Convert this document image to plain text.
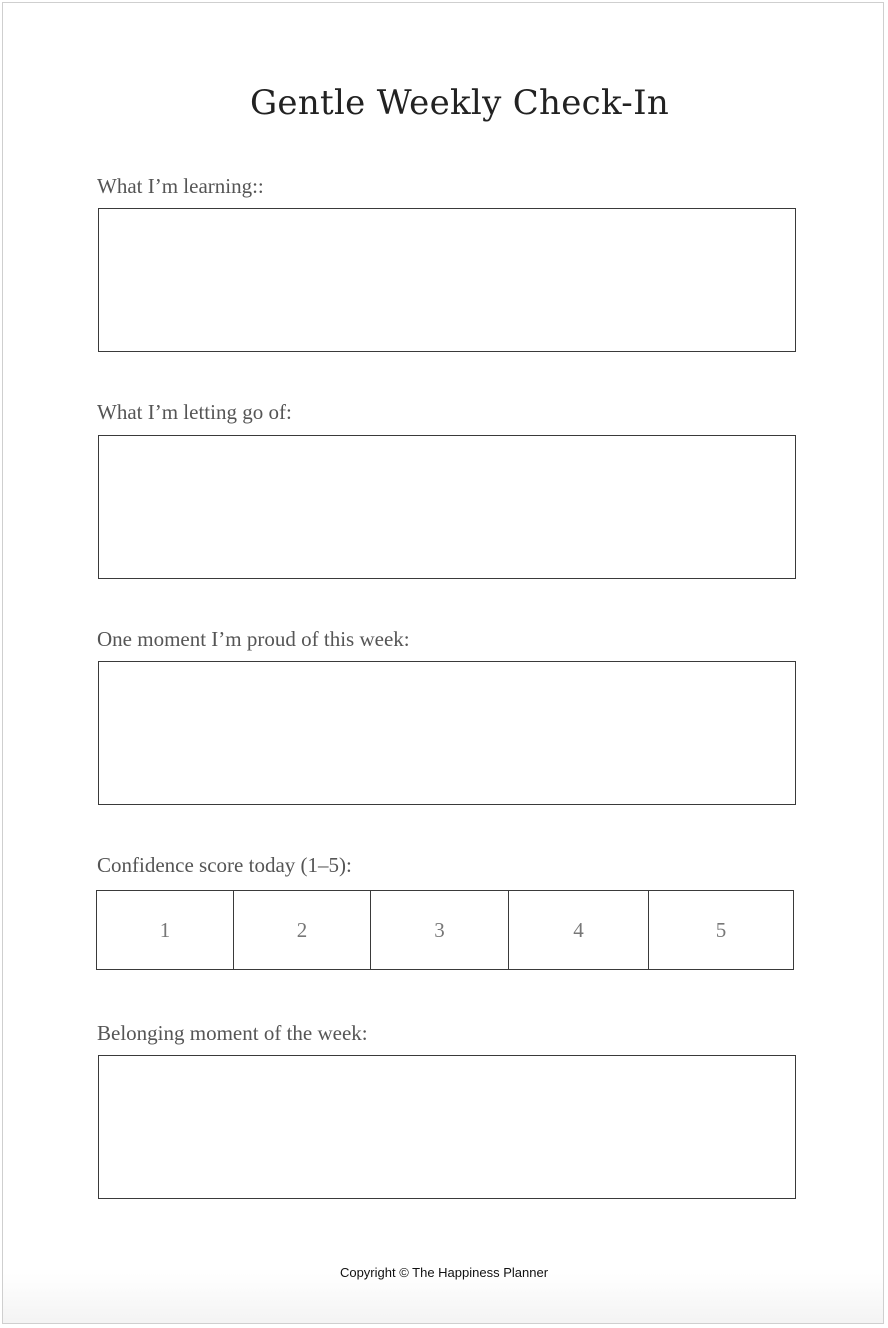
Gentle Weekly Check-In
What I’m learning::
What I’m letting go of:
One moment I’m proud of this week:
Confidence score today (1–5):
1	2	3	4	5
Belonging moment of the week:
Copyright © The Happiness Planner
